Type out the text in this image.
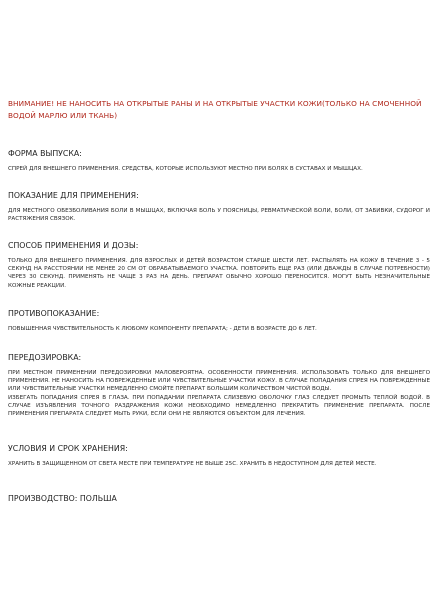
ВНИМАНИЕ! НЕ НАНОСИТЬ НА ОТКРЫТЫЕ РАНЫ И НА ОТКРЫТЫЕ УЧАСТКИ КОЖИ(ТОЛЬКО НА СМОЧЕННОЙ ВОДОЙ МАРЛЮ ИЛИ ТКАНЬ)
ФОРМА ВЫПУСКА:

СПРЕЙ ДЛЯ ВНЕШНЕГО ПРИМЕНЕНИЯ. СРЕДСТВА, КОТОРЫЕ ИСПОЛЬЗУЮТ МЕСТНО ПРИ БОЛЯХ В СУСТАВАХ И МЫШЦАХ.

ПОКАЗАНИЕ ДЛЯ ПРИМЕНЕНИЯ:

ДЛЯ МЕСТНОГО ОБЕЗБОЛИВАНИЯ БОЛИ В МЫШЦАХ, ВКЛЮЧАЯ БОЛЬ У ПОЯСНИЦЫ, РЕВМАТИЧЕСКОЙ БОЛИ, БОЛИ, ОТ ЗАБИВКИ, СУДОРОГ И РАСТЯЖЕНИЯ СВЯЗОК.

СПОСОБ ПРИМЕНЕНИЯ И ДОЗЫ:

ТОЛЬКО ДЛЯ ВНЕШНЕГО ПРИМЕНЕНИЯ. ДЛЯ ВЗРОСЛЫХ И ДЕТЕЙ ВОЗРАСТОМ СТАРШЕ ШЕСТИ ЛЕТ. РАСПЫЛЯТЬ НА КОЖУ В ТЕЧЕНИЕ 3 - 5 СЕКУНД НА РАССТОЯНИИ НЕ МЕНЕЕ 20 СМ ОТ ОБРАБАТЫВАЕМОГО УЧАСТКА. ПОВТОРИТЬ ЕЩЕ РАЗ (ИЛИ ДВАЖДЫ В СЛУЧАЕ ПОТРЕБНОСТИ) ЧЕРЕЗ 30 СЕКУНД. ПРИМЕНЯТЬ НЕ ЧАЩЕ 3 РАЗ НА ДЕНЬ. ПРЕПАРАТ ОБЫЧНО ХОРОШО ПЕРЕНОСИТСЯ. МОГУТ БЫТЬ НЕЗНАЧИТЕЛЬНЫЕ КОЖНЫЕ РЕАКЦИИ.

ПРОТИВОПОКАЗАНИЕ:

ПОВЫШЕННАЯ ЧУВСТВИТЕЛЬНОСТЬ К ЛЮБОМУ КОМПОНЕНТУ ПРЕПАРАТА; - ДЕТИ В ВОЗРАСТЕ ДО 6 ЛЕТ.

ПЕРЕДОЗИРОВКА:

ПРИ МЕСТНОМ ПРИМЕНЕНИИ ПЕРЕДОЗИРОВКИ МАЛОВЕРОЯТНА. ОСОБЕННОСТИ ПРИМЕНЕНИЯ. ИСПОЛЬЗОВАТЬ ТОЛЬКО ДЛЯ ВНЕШНЕГО ПРИМЕНЕНИЯ. НЕ НАНОСИТЬ НА ПОВРЕЖДЕННЫЕ ИЛИ ЧУВСТВИТЕЛЬНЫЕ УЧАСТКИ КОЖУ. В СЛУЧАЕ ПОПАДАНИЯ СПРЕЯ НА ПОВРЕЖДЕННЫЕ ИЛИ ЧУВСТВИТЕЛЬНЫЕ УЧАСТКИ НЕМЕДЛЕННО СМОЙТЕ ПРЕПАРАТ БОЛЬШИМ КОЛИЧЕСТВОМ ЧИСТОЙ ВОДЫ.

ИЗБЕГАТЬ ПОПАДАНИЯ СПРЕЯ В ГЛАЗА. ПРИ ПОПАДАНИИ ПРЕПАРАТА СЛИЗЕВУЮ ОБОЛОЧКУ ГЛАЗ СЛЕДУЕТ ПРОМЫТЬ ТЕПЛОЙ ВОДОЙ. В СЛУЧАЕ ИЗЪЯВЛЕНИЯ ТОЧНОГО РАЗДРАЖЕНИЯ КОЖИ НЕОБХОДИМО НЕМЕДЛЕННО ПРЕКРАТИТЬ ПРИМЕНЕНИЕ ПРЕПАРАТА. ПОСЛЕ ПРИМЕНЕНИЯ ПРЕПАРАТА СЛЕДУЕТ МЫТЬ РУКИ, ЕСЛИ ОНИ НЕ ЯВЛЯЮТСЯ ОБЪЕКТОМ ДЛЯ ЛЕЧЕНИЯ.

УСЛОВИЯ И СРОК ХРАНЕНИЯ:

ХРАНИТЬ В ЗАЩИЩЕННОМ ОТ СВЕТА МЕСТЕ ПРИ ТЕМПЕРАТУРЕ НЕ ВЫШЕ 25С. ХРАНИТЬ В НЕДОСТУПНОМ ДЛЯ ДЕТЕЙ МЕСТЕ.

ПРОИЗВОДСТВО: ПОЛЬША
